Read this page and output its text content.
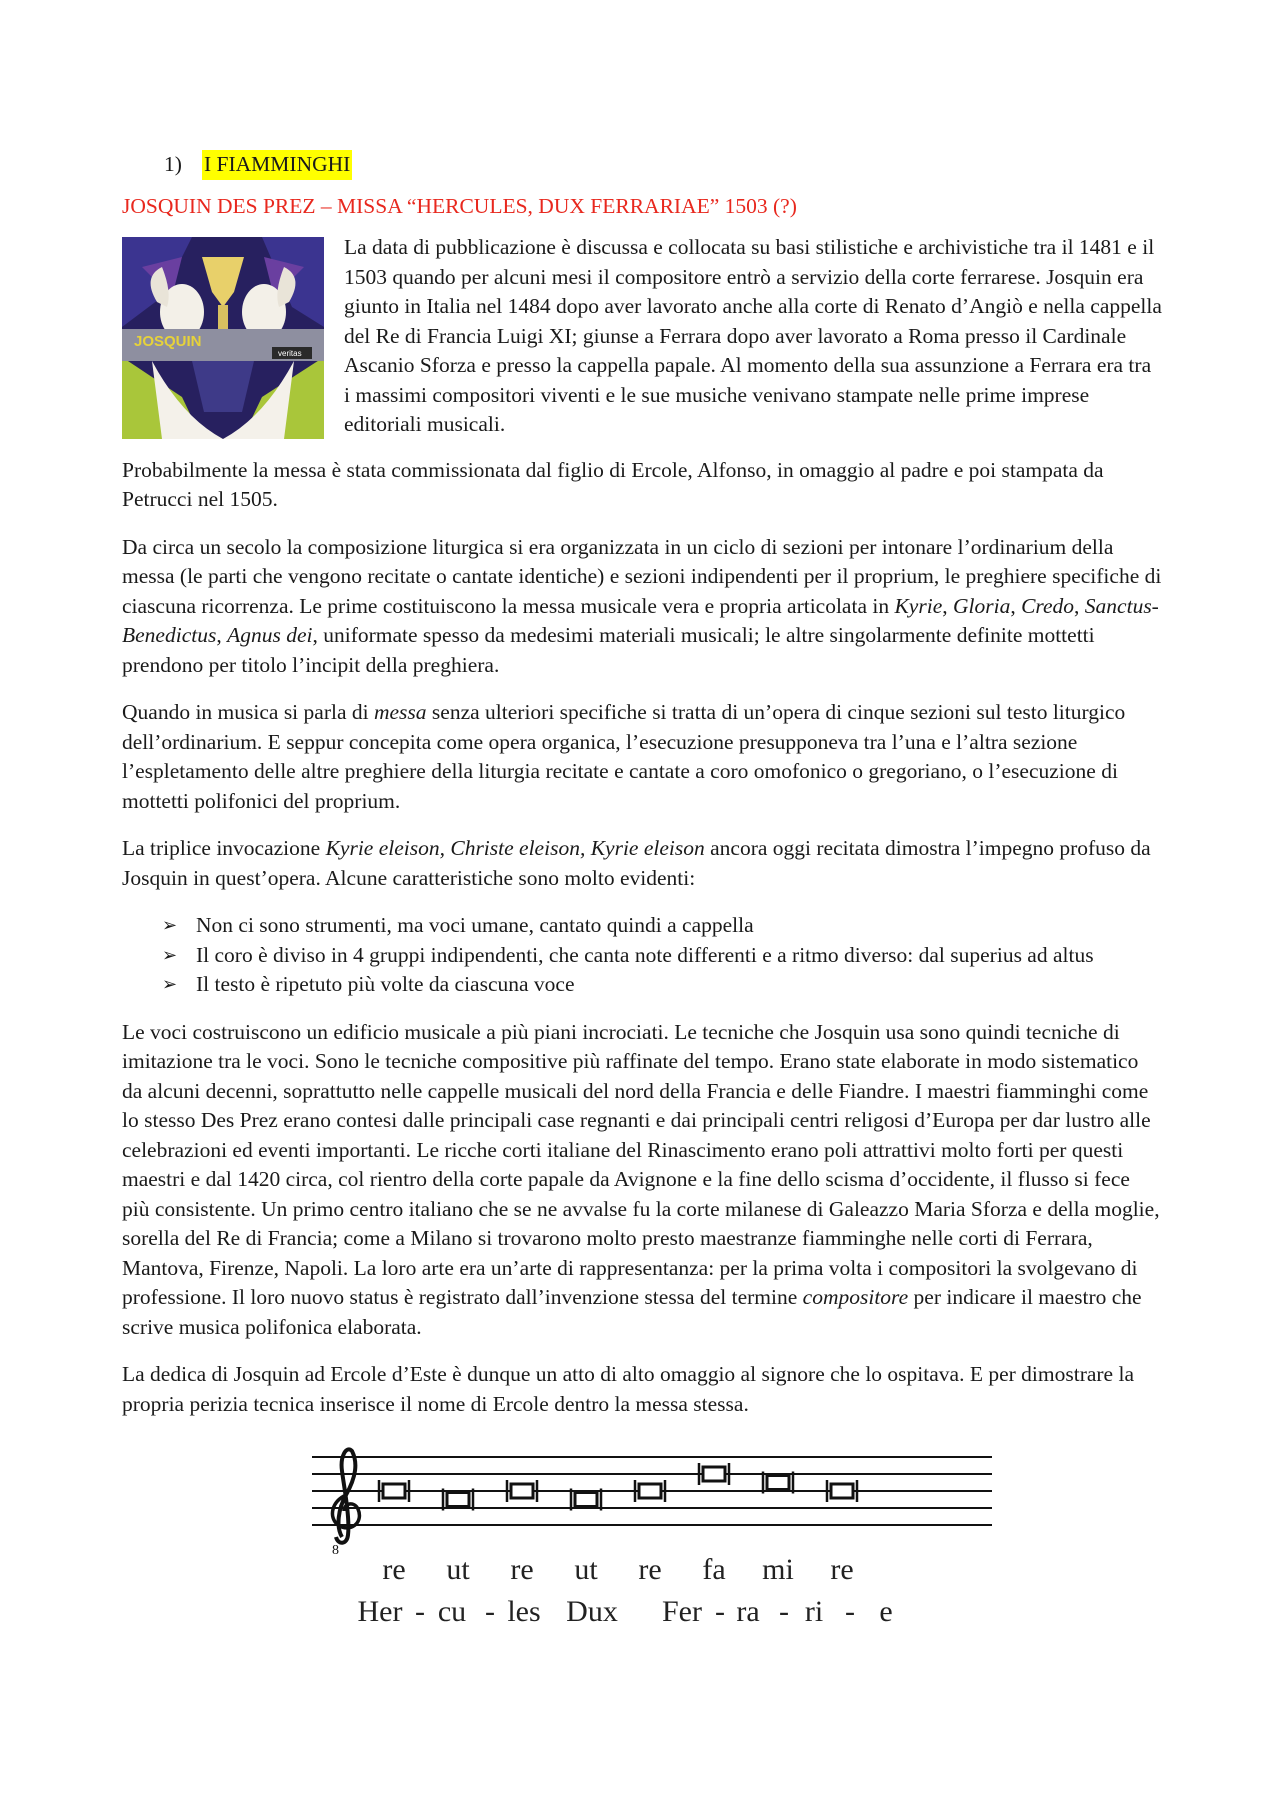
1)	I FIAMMINGHI
JOSQUIN DES PREZ – MISSA “HERCULES, DUX FERRARIAE” 1503 (?)
JOSQUIN
veritas

La data di pubblicazione è discussa e collocata su basi stilistiche e archivistiche tra il 1481 e il 1503 quando per alcuni mesi il compositore entrò a servizio della corte ferrarese. Josquin era giunto in Italia nel 1484 dopo aver lavorato anche alla corte di Renato d’Angiò e nella cappella del Re di Francia Luigi XI; giunse a Ferrara dopo aver lavorato a Roma presso il Cardinale Ascanio Sforza e presso la cappella papale. Al momento della sua assunzione a Ferrara era tra i massimi compositori viventi e le sue musiche venivano stampate nelle prime imprese editoriali musicali.

Probabilmente la messa è stata commissionata dal figlio di Ercole, Alfonso, in omaggio al padre e poi stampata da Petrucci nel 1505.

Da circa un secolo la composizione liturgica si era organizzata in un ciclo di sezioni per intonare l’ordinarium della messa (le parti che vengono recitate o cantate identiche) e sezioni indipendenti per il proprium, le preghiere specifiche di ciascuna ricorrenza. Le prime costituiscono la messa musicale vera e propria articolata in Kyrie, Gloria, Credo, Sanctus-Benedictus, Agnus dei, uniformate spesso da medesimi materiali musicali; le altre singolarmente definite mottetti prendono per titolo l’incipit della preghiera.

Quando in musica si parla di messa senza ulteriori specifiche si tratta di un’opera di cinque sezioni sul testo liturgico dell’ordinarium. E seppur concepita come opera organica, l’esecuzione presupponeva tra l’una e l’altra sezione l’espletamento delle altre preghiere della liturgia recitate e cantate a coro omofonico o gregoriano, o l’esecuzione di mottetti polifonici del proprium.

La triplice invocazione Kyrie eleison, Christe eleison, Kyrie eleison ancora oggi recitata dimostra l’impegno profuso da Josquin in quest’opera. Alcune caratteristiche sono molto evidenti:

➢ Non ci sono strumenti, ma voci umane, cantato quindi a cappella
➢ Il coro è diviso in 4 gruppi indipendenti, che canta note differenti e a ritmo diverso: dal superius ad altus
➢ Il testo è ripetuto più volte da ciascuna voce

Le voci costruiscono un edificio musicale a più piani incrociati. Le tecniche che Josquin usa sono quindi tecniche di imitazione tra le voci. Sono le tecniche compositive più raffinate del tempo. Erano state elaborate in modo sistematico da alcuni decenni, soprattutto nelle cappelle musicali del nord della Francia e delle Fiandre. I maestri fiamminghi come lo stesso Des Prez erano contesi dalle principali case regnanti e dai principali centri religosi d’Europa per dar lustro alle celebrazioni ed eventi importanti. Le ricche corti italiane del Rinascimento erano poli attrattivi molto forti per questi maestri e dal 1420 circa, col rientro della corte papale da Avignone e la fine dello scisma d’occidente, il flusso si fece più consistente. Un primo centro italiano che se ne avvalse fu la corte milanese di Galeazzo Maria Sforza e della moglie, sorella del Re di Francia; come a Milano si trovarono molto presto maestranze fiamminghe nelle corti di Ferrara, Mantova, Firenze, Napoli. La loro arte era un’arte di rappresentanza: per la prima volta i compositori la svolgevano di professione. Il loro nuovo status è registrato dall’invenzione stessa del termine compositore per indicare il maestro che scrive musica polifonica elaborata.

La dedica di Josquin ad Ercole d’Este è dunque un atto di alto omaggio al signore che lo ospitava. E per dimostrare la propria perizia tecnica inserisce il nome di Ercole dentro la messa stessa.

8
re ut re ut re fa mi re
Her - cu - les Dux Fer - ra - ri - e
